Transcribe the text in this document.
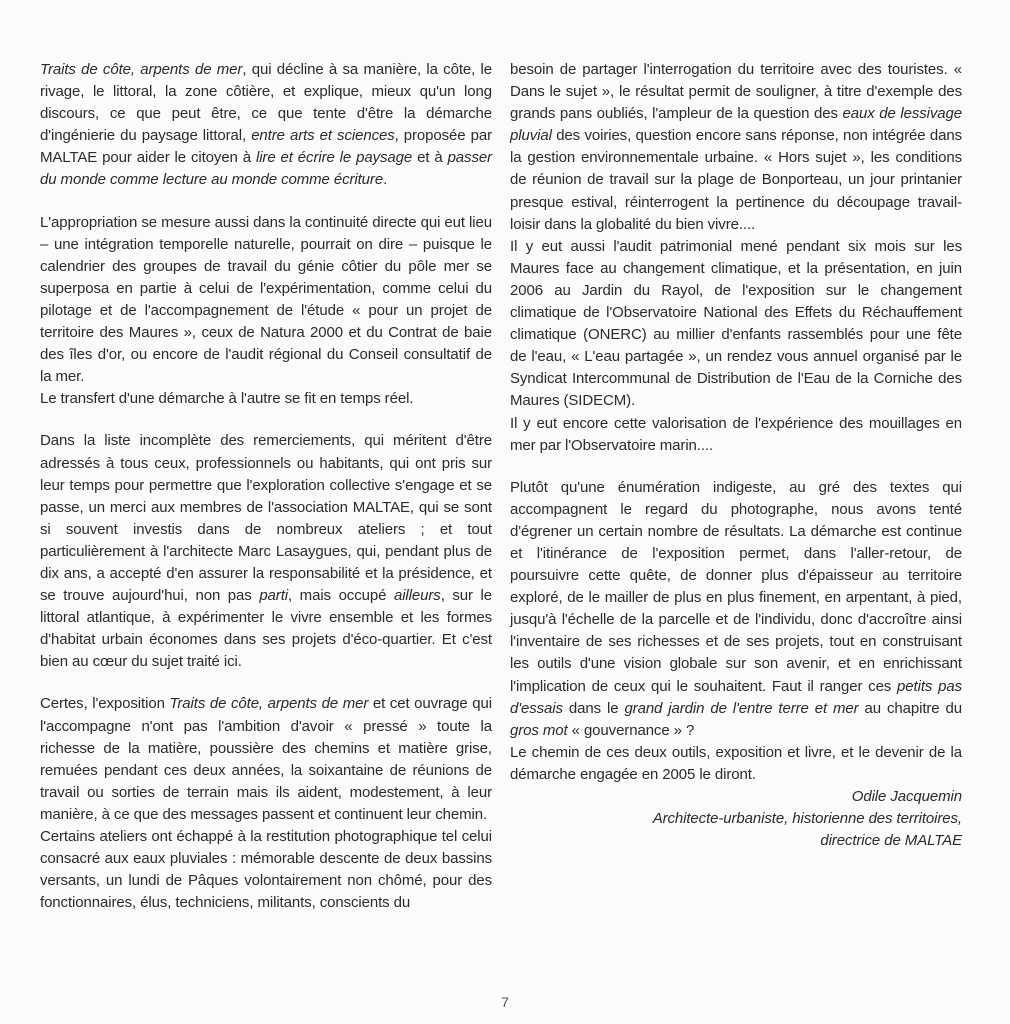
Traits de côte, arpents de mer, qui décline à sa manière, la côte, le rivage, le littoral, la zone côtière, et explique, mieux qu'un long discours, ce que peut être, ce que tente d'être la démarche d'ingénierie du paysage littoral, entre arts et sciences, proposée par MALTAE pour aider le citoyen à lire et écrire le paysage et à passer du monde comme lecture au monde comme écriture.

L'appropriation se mesure aussi dans la continuité directe qui eut lieu – une intégration temporelle naturelle, pourrait on dire – puisque le calendrier des groupes de travail du génie côtier du pôle mer se superposa en partie à celui de l'expérimentation, comme celui du pilotage et de l'accompagnement de l'étude « pour un projet de territoire des Maures », ceux de Natura 2000 et du Contrat de baie des îles d'or, ou encore de l'audit régional du Conseil consultatif de la mer.

Le transfert d'une démarche à l'autre se fit en temps réel.

Dans la liste incomplète des remerciements, qui méritent d'être adressés à tous ceux, professionnels ou habitants, qui ont pris sur leur temps pour permettre que l'exploration collective s'engage et se passe, un merci aux membres de l'association MALTAE, qui se sont si souvent investis dans de nombreux ateliers ; et tout particulièrement à l'architecte Marc Lasaygues, qui, pendant plus de dix ans, a accepté d'en assurer la responsabilité et la présidence, et se trouve aujourd'hui, non pas parti, mais occupé ailleurs, sur le littoral atlantique, à expérimenter le vivre ensemble et les formes d'habitat urbain économes dans ses projets d'éco-quartier. Et c'est bien au cœur du sujet traité ici.

Certes, l'exposition Traits de côte, arpents de mer et cet ouvrage qui l'accompagne n'ont pas l'ambition d'avoir « pressé » toute la richesse de la matière, poussière des chemins et matière grise, remuées pendant ces deux années, la soixantaine de réunions de travail ou sorties de terrain mais ils aident, modestement, à leur manière, à ce que des messages passent et continuent leur chemin.

Certains ateliers ont échappé à la restitution photographique tel celui consacré aux eaux pluviales : mémorable descente de deux bassins versants, un lundi de Pâques volontairement non chômé, pour des fonctionnaires, élus, techniciens, militants, conscients du

besoin de partager l'interrogation du territoire avec des touristes. « Dans le sujet », le résultat permit de souligner, à titre d'exemple des grands pans oubliés, l'ampleur de la question des eaux de lessivage pluvial des voiries, question encore sans réponse, non intégrée dans la gestion environnementale urbaine. « Hors sujet », les conditions de réunion de travail sur la plage de Bonporteau, un jour printanier presque estival, réinterrogent la pertinence du découpage travail-loisir dans la globalité du bien vivre....

Il y eut aussi l'audit patrimonial mené pendant six mois sur les Maures face au changement climatique, et la présentation, en juin 2006 au Jardin du Rayol, de l'exposition sur le changement climatique de l'Observatoire National des Effets du Réchauffement climatique (ONERC) au millier d'enfants rassemblés pour une fête de l'eau, « L'eau partagée », un rendez vous annuel organisé par le Syndicat Intercommunal de Distribution de l'Eau de la Corniche des Maures (SIDECM).

Il y eut encore cette valorisation de l'expérience des mouillages en mer par l'Observatoire marin....

Plutôt qu'une énumération indigeste, au gré des textes qui accompagnent le regard du photographe, nous avons tenté d'égrener un certain nombre de résultats. La démarche est continue et l'itinérance de l'exposition permet, dans l'aller-retour, de poursuivre cette quête, de donner plus d'épaisseur au territoire exploré, de le mailler de plus en plus finement, en arpentant, à pied, jusqu'à l'échelle de la parcelle et de l'individu, donc d'accroître ainsi l'inventaire de ses richesses et de ses projets, tout en construisant les outils d'une vision globale sur son avenir, et en enrichissant l'implication de ceux qui le souhaitent. Faut il ranger ces petits pas d'essais dans le grand jardin de l'entre terre et mer au chapitre du gros mot « gouvernance » ?

Le chemin de ces deux outils, exposition et livre, et le devenir de la démarche engagée en 2005 le diront.

Odile Jacquemin

Architecte-urbaniste, historienne des territoires,

directrice de MALTAE

7
